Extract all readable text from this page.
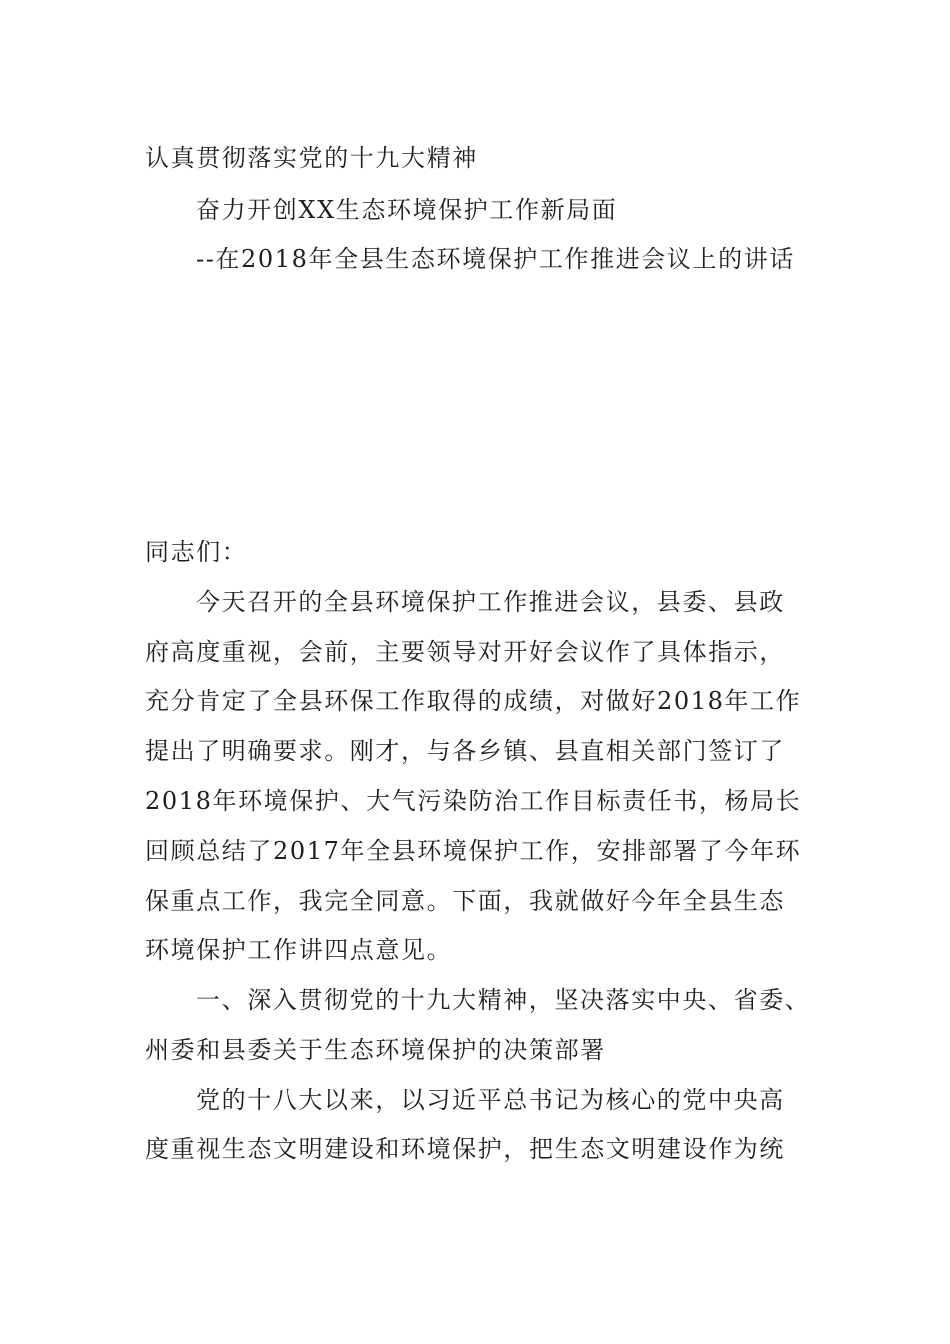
认真贯彻落实党的十九大精神
奋力开创XX生态环境保护工作新局面
--在2018年全县生态环境保护工作推进会议上的讲话
同志们：
今天召开的全县环境保护工作推进会议，县委、县政
府高度重视，会前，主要领导对开好会议作了具体指示，
充分肯定了全县环保工作取得的成绩，对做好2018年工作
提出了明确要求。刚才，与各乡镇、县直相关部门签订了
2018年环境保护、大气污染防治工作目标责任书，杨局长
回顾总结了2017年全县环境保护工作，安排部署了今年环
保重点工作，我完全同意。下面，我就做好今年全县生态
环境保护工作讲四点意见。
一、深入贯彻党的十九大精神，坚决落实中央、省委、
州委和县委关于生态环境保护的决策部署
党的十八大以来，以习近平总书记为核心的党中央高
度重视生态文明建设和环境保护，把生态文明建设作为统
